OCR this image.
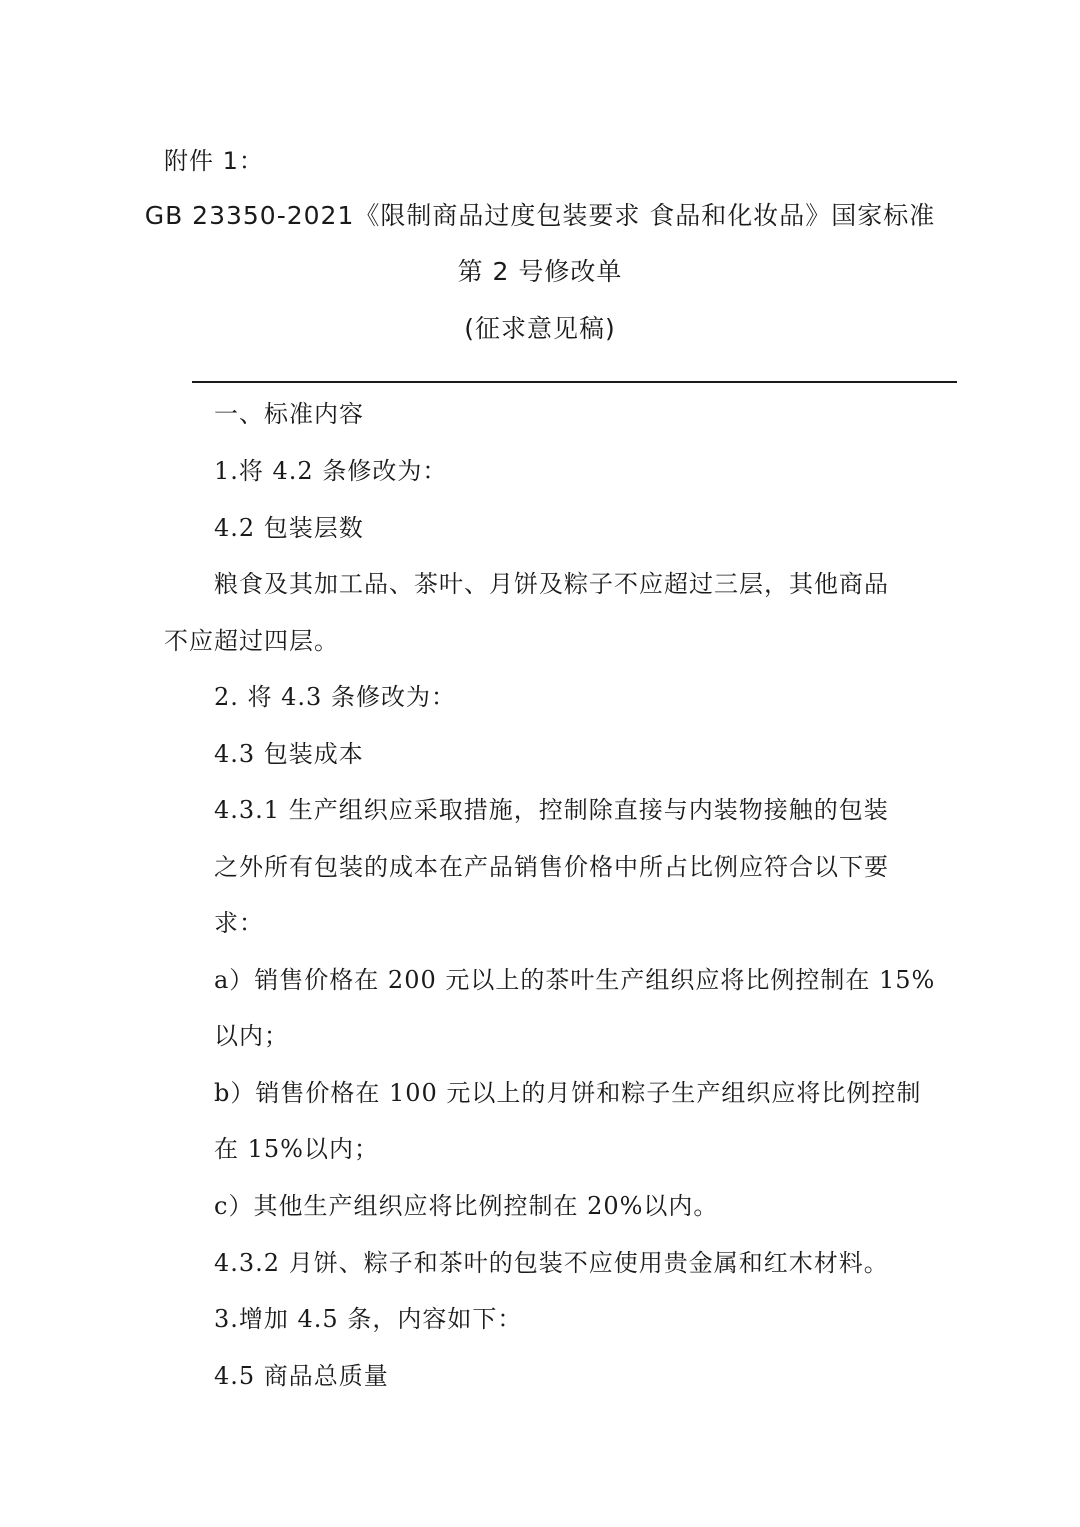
附件 1：
GB 23350-2021《限制商品过度包装要求 食品和化妆品》国家标准
第 2 号修改单
(征求意见稿)
一、标准内容
1.将 4.2 条修改为：
4.2 包装层数
粮食及其加工品、茶叶、月饼及粽子不应超过三层，其他商品
不应超过四层。
2. 将 4.3 条修改为：
4.3 包装成本
4.3.1 生产组织应采取措施，控制除直接与内装物接触的包装
之外所有包装的成本在产品销售价格中所占比例应符合以下要
求：
a）销售价格在 200 元以上的茶叶生产组织应将比例控制在 15%
以内；
b）销售价格在 100 元以上的月饼和粽子生产组织应将比例控制
在 15%以内；
c）其他生产组织应将比例控制在 20%以内。
4.3.2 月饼、粽子和茶叶的包装不应使用贵金属和红木材料。
3.增加 4.5 条，内容如下：
4.5 商品总质量
